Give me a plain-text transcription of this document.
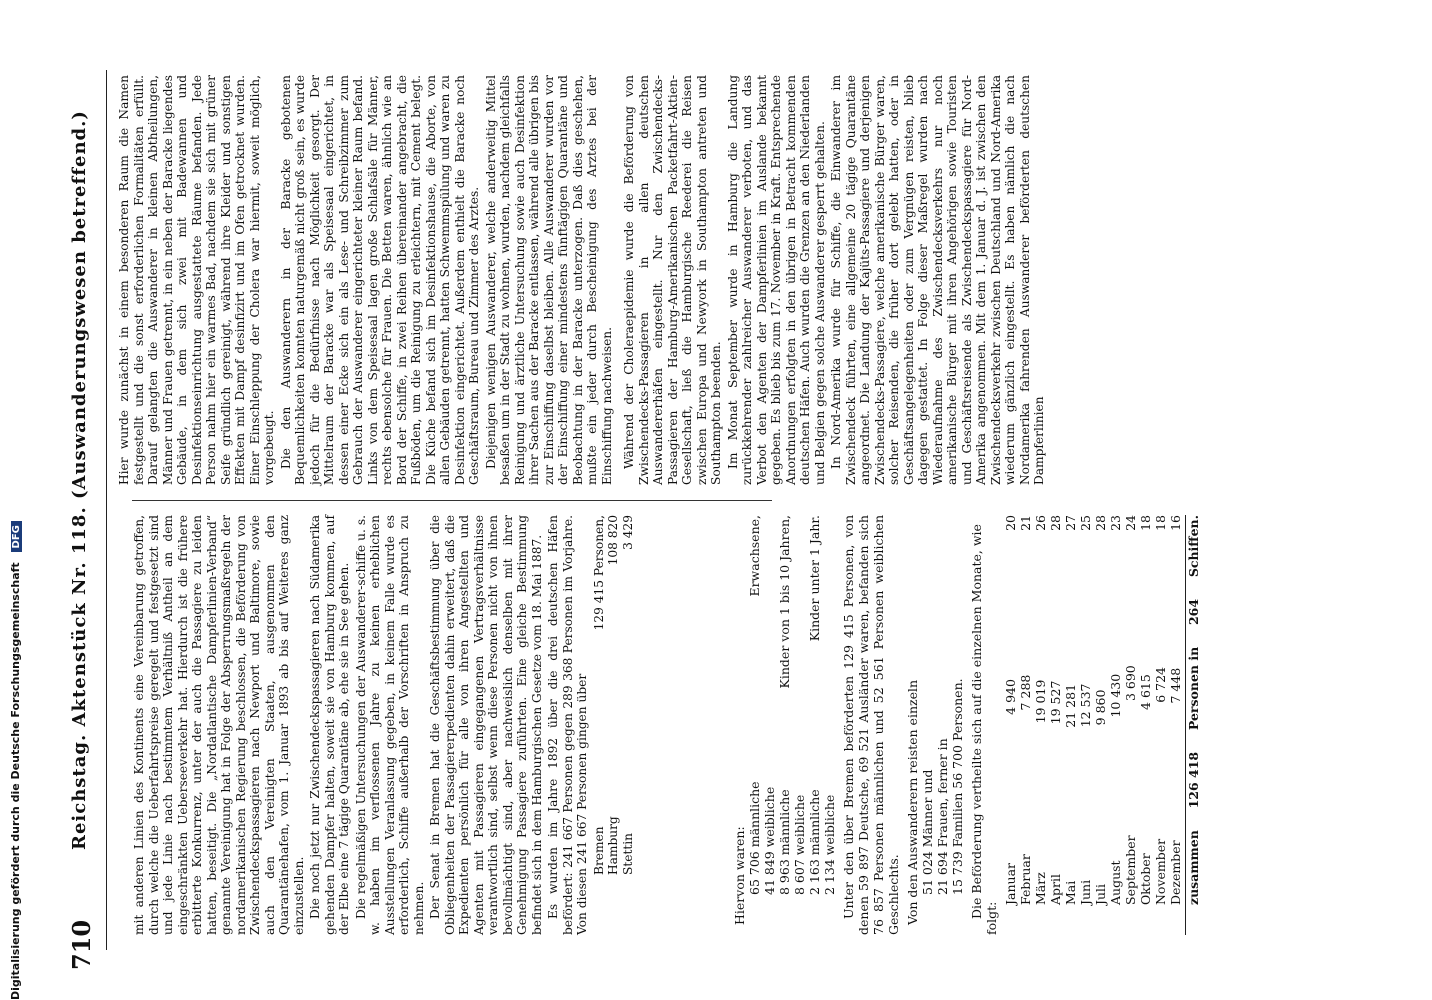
710
Reichstag. Aktenstück Nr. 118. (Auswanderungswesen betreffend.) Hier wurde zunächst in einem besonderen Raum die Namen festgestellt und die sonst erforderlichen Formalitäten erfüllt. Darauf gelangten die Auswanderer in kleinen Abtheilungen, Männer und Frauen getrennt, in ein neben der Baracke liegendes Gebäude, in dem sich zwei mit Badewannen und Desinfektionseinrichtung ausgestattete Räume befanden. Jede Person nahm hier ein warmes Bad, nachdem sie sich mit grüner Seife gründlich gereinigt, während ihre Kleider und sonstigen Effekten mit Dampf desinfizirt und im Ofen getrocknet wurden. Einer Einschleppung der Cholera war hiermit, soweit möglich, vorgebeugt. Die den Auswanderern in der Baracke gebotenen Bequemlichkeiten konnten naturgemäß nicht groß sein, es wurde jedoch für die Bedürfnisse nach Möglichkeit gesorgt. Der Mittelraum der Baracke war als Speisesaal eingerichtet, in dessen einer Ecke sich ein als Lese- und Schreibzimmer zum Gebrauch der Auswanderer eingerichteter kleiner Raum befand. Links von dem Speisesaal lagen große Schlafsäle für Männer, rechts ebensolche für Frauen. Die Betten waren, ähnlich wie an Bord der Schiffe, in zwei Reihen übereinander angebracht, die Fußböden, um die Reinigung zu erleichtern, mit Cement belegt. Die Küche befand sich im Desinfektionshause, die Aborte, von allen Gebäuden getrennt, hatten Schwemmspülung und waren zu Desinfektion eingerichtet. Außerdem enthielt die Baracke noch Geschäftsraum, Bureau und Zimmer des Arztes. Diejenigen wenigen Auswanderer, welche anderweitig Mittel besaßen um in der Stadt zu wohnen, wurden, nachdem gleichfalls Reinigung und ärztliche Untersuchung sowie auch Desinfektion ihrer Sachen aus der Baracke entlassen, während alle übrigen bis zur Einschiffung daselbst bleiben. Alle Auswanderer wurden vor der Einschiffung einer mindestens fünftägigen Quarantäne und Beobachtung in der Baracke unterzogen. Daß dies geschehen, mußte ein jeder durch Bescheinigung des Arztes bei der Einschiffung nachweisen. Während der Choleraepidemie wurde die Beförderung von Zwischendecks-Passagieren in allen deutschen Auswandererhäfen eingestellt. Nur den Zwischendecks-Passagieren der Hamburg-Amerikanischen Packetfahrt-Aktien-Gesellschaft, ließ die Hamburgische Reederei die Reisen zwischen Europa und Newyork in Southampton antreten und Southampton beenden. Im Monat September wurde in Hamburg die Landung zurückkehrender zahlreicher Auswanderer verboten, und das Verbot den Agenten der Dampferlinien im Auslande bekannt gegeben. Es blieb bis zum 17. November in Kraft. Entsprechende Anordnungen erfolgten in den übrigen in Betracht kommenden deutschen Häfen. Auch wurden die Grenzen an den Niederlanden und Belgien gegen solche Auswanderer gesperrt gehalten. In Nord-Amerika wurde für Schiffe, die Einwanderer im Zwischendeck führten, eine allgemeine 20 tägige Quarantäne angeordnet. Die Landung der Kajüts-Passagiere und derjenigen Zwischendecks-Passagiere, welche amerikanische Bürger waren, solcher Reisenden, die früher dort gelebt hatten, oder in Geschäftsangelegenheiten oder zum Vergnügen reisten, blieb dagegen gestattet. In Folge dieser Maßregel wurden nach Wiederaufnahme des Zwischendecksverkehrs nur noch amerikanische Bürger mit ihren Angehörigen sowie Touristen und Geschäftsreisende als Zwischendeckspassagiere für Nord-Amerika angenommen. Mit dem 1. Januar d. J. ist zwischen den Zwischendecksverkehr zwischen Deutschland und Nord-Amerika wiederum gänzlich eingestellt. Es haben nämlich die nach Nordamerika fahrenden Auswanderer beförderten deutschen Dampferlinien

mit anderen Linien des Kontinents eine Vereinbarung getroffen, durch welche die Ueberfahrtspreise geregelt und festgesetzt sind und jede Linie nach bestimmtem Verhältniß Antheil an dem eingeschränkten Ueberseeverkehr hat. Hierdurch ist die frühere erbitterte Konkurrenz, unter der auch die Passagiere zu leiden hatten, beseitigt. Die „Nordatlantische Dampferlinien-Verband“ genannte Vereinigung hat in Folge der Absperrungsmaßregeln der nordamerikanischen Regierung beschlossen, die Beförderung von Zwischendeckspassagieren nach Newport und Baltimore, sowie auch den Vereinigten Staaten, ausgenommen den Quarantänehafen, vom 1. Januar 1893 ab bis auf Weiteres ganz einzustellen. Die noch jetzt nur Zwischendeckspassagieren nach Südamerika gehenden Dampfer halten, soweit sie von Hamburg kommen, auf der Elbe eine 7 tägige Quarantäne ab, ehe sie in See gehen. Die regelmäßigen Untersuchungen der Auswanderer-schiffe u. s. w. haben im verflossenen Jahre zu keinen erheblichen Ausstellungen Veranlassung gegeben, in keinem Falle wurde es erforderlich, Schiffe außerhalb der Vorschriften in Anspruch zu nehmen. Der Senat in Bremen hat die Geschäftsbestimmung über die Obliegenheiten der Passagiererpedienten dahin erweitert, daß die Expedienten persönlich für alle von ihren Angestellten und Agenten mit Passagieren eingegangenen Vertragsverhältnisse verantwortlich sind, selbst wenn diese Personen nicht von ihnen bevollmächtigt sind, aber nachweislich denselben mit ihrer Genehmigung Passagiere zuführten. Eine gleiche Bestimmung befindet sich in dem Hamburgischen Gesetze vom 18. Mai 1887. Es wurden im Jahre 1892 über die drei deutschen Häfen befördert: 241 667 Personen gegen 289 368 Personen im Vorjahre. Von diesen 241 667 Personen gingen über Bremen
129 415 Personen,
Hamburg
108 820
Stettin
3 429
Hiervon waren: 65 706 männliche
Erwachsene,
41 849 weibliche 8 963 männliche
Kinder von 1 bis 10 Jahren,
8 607 weibliche 2 163 männliche
Kinder unter 1 Jahr.
2 134 weibliche Unter den über Bremen beförderten 129 415 Personen, von denen 59 897 Deutsche, 69 521 Ausländer waren, befanden sich 76 857 Personen männlichen und 52 561 Personen weiblichen Geschlechts. Von den Auswanderern reisten einzeln 51 024 Männer und 21 694 Frauen, ferner in 15 739 Familien 56 700 Personen. Die Beförderung vertheilte sich auf die einzelnen Monate, wie folgt:

Januar
4 940
20
Februar
7 288
21
März
19 019
26
April
19 527
28
Mai
21 281
27
Juni
12 537
25
Juli
9 860
28
August
10 430
23
September
3 690
24
Oktober
4 615
18
November
6 724
18
Dezember
7 448
16
zusammen
126 418
Personen in
264
Schiffen.
Digitalisierung gefördert durch die Deutsche Forschungsgemeinschaft DFG
